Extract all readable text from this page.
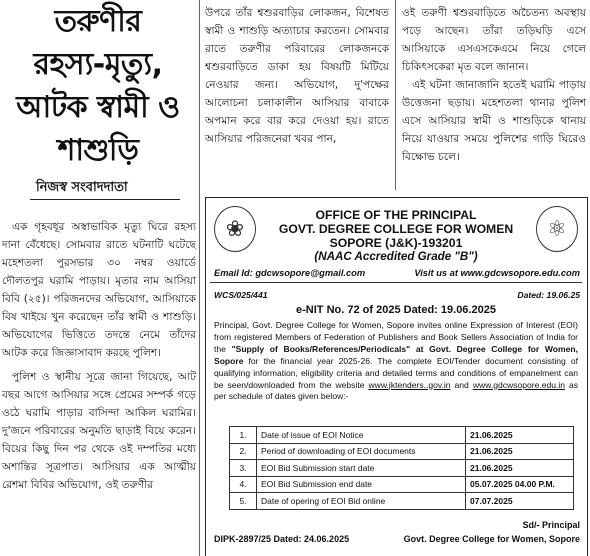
তরুণীর
রহস্য-মৃত্যু,
আটক স্বামী ও
শাশুড়ি
নিজস্ব সংবাদদাতা

এক গৃহবধূর অস্বাভাবিক মৃত্যু ঘিরে রহস্য দানা বেঁধেছে। সোমবার রাতে ঘটনাটি ঘটেছে মহেশতলা পুরসভার ৩০ নম্বর ওয়ার্ডে দৌলতপুর ঘরামি পাড়ায়। মৃতার নাম আসিয়া বিবি (২৫)। পরিজনদের অভিযোগ, আসিয়াকে বিষ খাইয়ে খুন করেছেন তাঁর স্বামী ও শাশুড়ি। অভিযোগের ভিত্তিতে তদন্তে নেমে তাঁদের আটক করে জিজ্ঞাসাবাদ করছে পুলিশ।

পুলিশ ও স্থানীয় সূত্রে জানা গিয়েছে, আট বছর আগে আসিয়ার সঙ্গে প্রেমের সম্পর্ক গড়ে ওঠে ঘরামি পাড়ার বাসিন্দা আকিল ঘরামির। দু'জনে পরিবারের অনুমতি ছাড়াই বিয়ে করেন। বিয়ের কিছু দিন পর থেকে ওই দম্পতির মধ্যে অশান্তির সূত্রপাত। আসিয়ার এক আত্মীয় রেশমা বিবির অভিযোগ, ওই তরুণীর

উপরে তাঁর শ্বশুরবাড়ির লোকজন, বিশেষত স্বামী ও শাশুড়ি অত্যাচার করতেন। সোমবার রাতে তরুণীর পরিবারের লোকজনকে শ্বশুরবাড়িতে ডাকা হয় বিষয়টি মিটিয়ে নেওয়ার জন্য। অভিযোগ, দু'পক্ষের আলোচনা চলাকালীন আসিয়ার বাবাকে অপমান করে বার করে দেওয়া হয়। রাতে আসিয়ার পরিজনেরা খবর পান,

ওই তরুণী শ্বশুরবাড়িতে অচৈতন্য অবস্থায় পড়ে আছেন। তাঁরা তড়িঘড়ি এসে আসিয়াকে এসএসকেএমে নিয়ে গেলে চিকিৎসকেরা মৃত বলে জানান।

এই ঘটনা জানাজানি হতেই ঘরামি পাড়ায় উত্তেজনা ছড়ায়। মহেশতলা থানার পুলিশ এসে আসিয়ার স্বামী ও শাশুড়িকে থানায় নিয়ে যাওয়ার সময়ে পুলিশের গাড়ি ঘিরেও বিক্ষোভ চলে।

❀	⚛
OFFICE OF THE PRINCIPAL
GOVT. DEGREE COLLEGE FOR WOMEN
SOPORE (J&K)-193201
(NAAC Accredited Grade "B")
Email Id: gdcwsopore@gmail.com	Visit us at www.gdcwsopore.edu.com
WCS/025/441	Dated: 19.06.25
e-NIT No. 72 of 2025 Dated: 19.06.2025
Principal, Govt. Degree College for Women, Sopore invites online Expression of Interest (EOI) from registered Members of Federation of Publishers and Book Sellers Association of India for the "Supply of Books/References/Periodicals" at Govt. Degree College for Women, Sopore for the financial year 2025-26. The complete EOI/Tender document consisting of qualifying information, eligibility criteria and detailed terms and conditions of empanelment can be seen/downloaded from the website www.jktenders..gov.in and www.gdcwsopore.edu.in as per schedule of dates given below:-
1.	Date of issue of EOI Notice	21.06.2025
2.	Period of downloading of EOI documents	21.06.2025
3.	EOI Bid Submission start date	21.06.2025
4.	EOI Bid Submission end date	05.07.2025 04.00 P.M.
5.	Date of opering of EOI Bid online	07.07.2025
Sd/- Principal
DIPK-2897/25 Dated: 24.06.2025	Govt. Degree College for Women, Sopore
